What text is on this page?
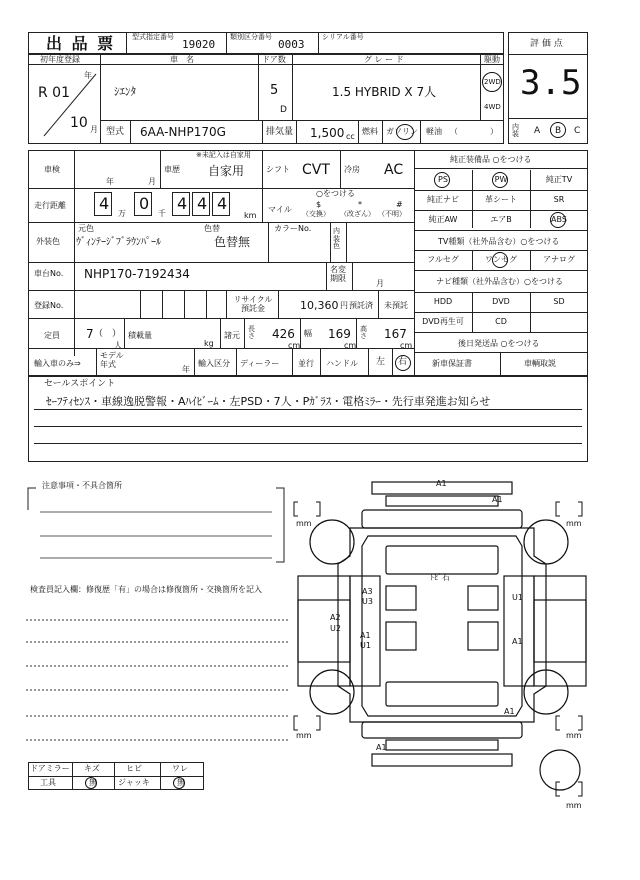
出 品 票 型式指定番号
19020
類別区分番号
0003
シリアル番号
評 価 点
3.5
内装 A B C
初年度登録
年
R 01
10 月
車　名
ｼｴﾝﾀ
ドア数
5
D
グ レ ー ド
1.5 HYBRID X 7人
駆動
2WD
4WD
型式 6AA-NHP170G	排気量 1,500 cc
燃料 ガソリン 軽油 （　　　　）
車検
年	月
車歴
※未記入は自家用
自家用	シフト CVT 冷房 AC
走行距離 4
万
0
千
4 4 4
km
マイル
○をつける
$
（交換）
*
（改ざん）
#
（不明）
外装色
元色
ｳﾞｨﾝﾃｰｼﾞﾌﾞﾗｳﾝﾊﾟｰﾙ
色替
色替無
カラーNo.	内装色
車台No. NHP170-7192434	名変期限
月
登録No.
リサイクル預託金	10,360 円 預託済 未預託
定員 7 （　）
人
積載量
kg
諸元
長さ 426
cm
幅 169
cm
高さ 167
cm
輸入車のみ⇒
モデル年式
年
輸入区分 ディーラー 並行 ハンドル 左 右
純正装備品 ○をつける
TV種類（社外品含む）○をつける
ナビ種類（社外品含む）○をつける
後日発送品 ○をつける
新車保証書	車輌取説
セールスポイント
ｾｰﾌﾃｨｾﾝｽ・車線逸脱警報・Aﾊｲﾋﾞｰﾑ・左PSD・7人・Pｶﾞﾗｽ・電格ﾐﾗｰ・先行車発進お知らせ
注意事項・不具合箇所
検査員記入欄：修復歴「有」の場合は修復箇所・交換箇所を記入
ドアミラー キズ	ヒビ	ワレ
工具	無	ジャッキ	無
mm	mm
mm	mm
mm
A1
A1
ﾄﾋﾞ石
A3
U3
A2
U2
A1
U1
U1
A1
A1
A1
PS	PW	純正TV
純正ナビ	革シート	SR
純正AW	エアB	ABS
フルセグ	ワンセグ	アナログ
HDD	DVD	SD
DVD再生可	CD
